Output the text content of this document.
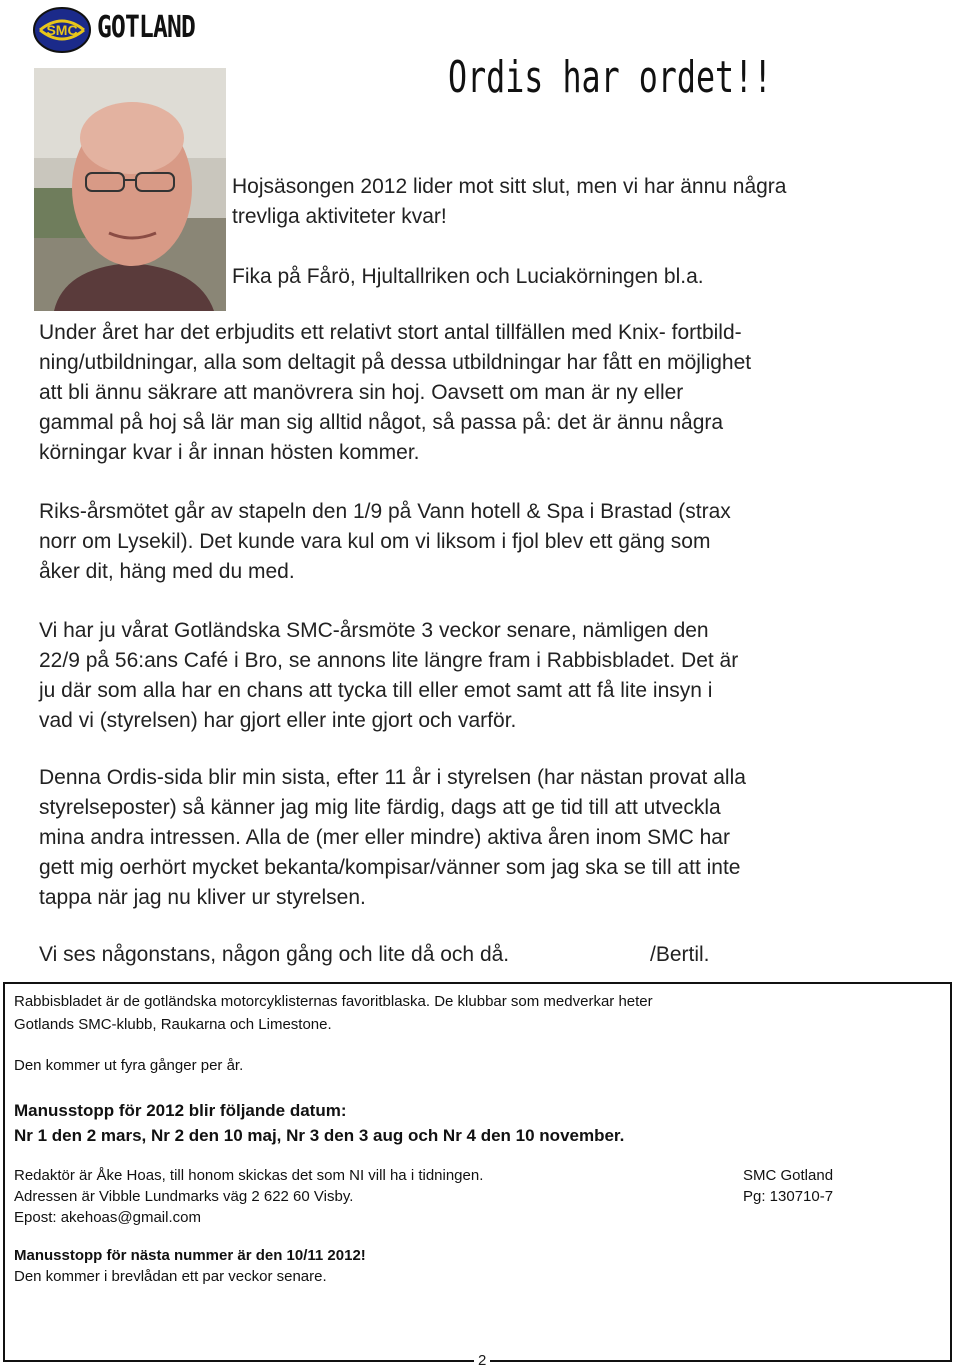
SMC GOTLAND
Ordis har ordet!!
Hojsäsongen 2012 lider mot sitt slut, men vi har ännu några
trevliga aktiviteter kvar!
Fika på Fårö, Hjultallriken och Luciakörningen bl.a.

Under året har det erbjudits ett relativt stort antal tillfällen med Knix- fortbild-

ning/utbildningar, alla som deltagit på dessa utbildningar har fått en möjlighet

att bli ännu säkrare att manövrera sin hoj. Oavsett om man är ny eller

gammal på hoj så lär man sig alltid något, så passa på: det är ännu några

körningar kvar i år innan hösten kommer.

Riks-årsmötet går av stapeln den 1/9 på Vann hotell & Spa i Brastad (strax

norr om Lysekil). Det kunde vara kul om vi liksom i fjol blev ett gäng som

åker dit, häng med du med.

Vi har ju vårat Gotländska SMC-årsmöte 3 veckor senare, nämligen den

22/9 på 56:ans Café i Bro, se annons lite längre fram i Rabbisbladet. Det är

ju där som alla har en chans att tycka till eller emot samt att få lite insyn i

vad vi (styrelsen) har gjort eller inte gjort och varför.

Denna Ordis-sida blir min sista, efter 11 år i styrelsen (har nästan provat alla

styrelseposter) så känner jag mig lite färdig, dags att ge tid till att utveckla

mina andra intressen. Alla de (mer eller mindre) aktiva åren inom SMC har

gett mig oerhört mycket bekanta/kompisar/vänner som jag ska se till att inte

tappa när jag nu kliver ur styrelsen.

Vi ses någonstans, någon gång och lite då och då.	/Bertil.
Rabbisbladet är de gotländska motorcyklisternas favoritblaska. De klubbar som medverkar heter
Gotlands SMC-klubb, Raukarna och Limestone.
Den kommer ut fyra gånger per år.
Manusstopp för 2012 blir följande datum:
Nr 1 den 2 mars, Nr 2 den 10 maj, Nr 3 den 3 aug och Nr 4 den 10 november.
Redaktör är Åke Hoas, till honom skickas det som NI vill ha i tidningen.
Adressen är Vibble Lundmarks väg 2 622 60 Visby.
Epost: akehoas@gmail.com
SMC Gotland
Pg: 130710-7
Manusstopp för nästa nummer är den 10/11 2012!
Den kommer i brevlådan ett par veckor senare.
2
